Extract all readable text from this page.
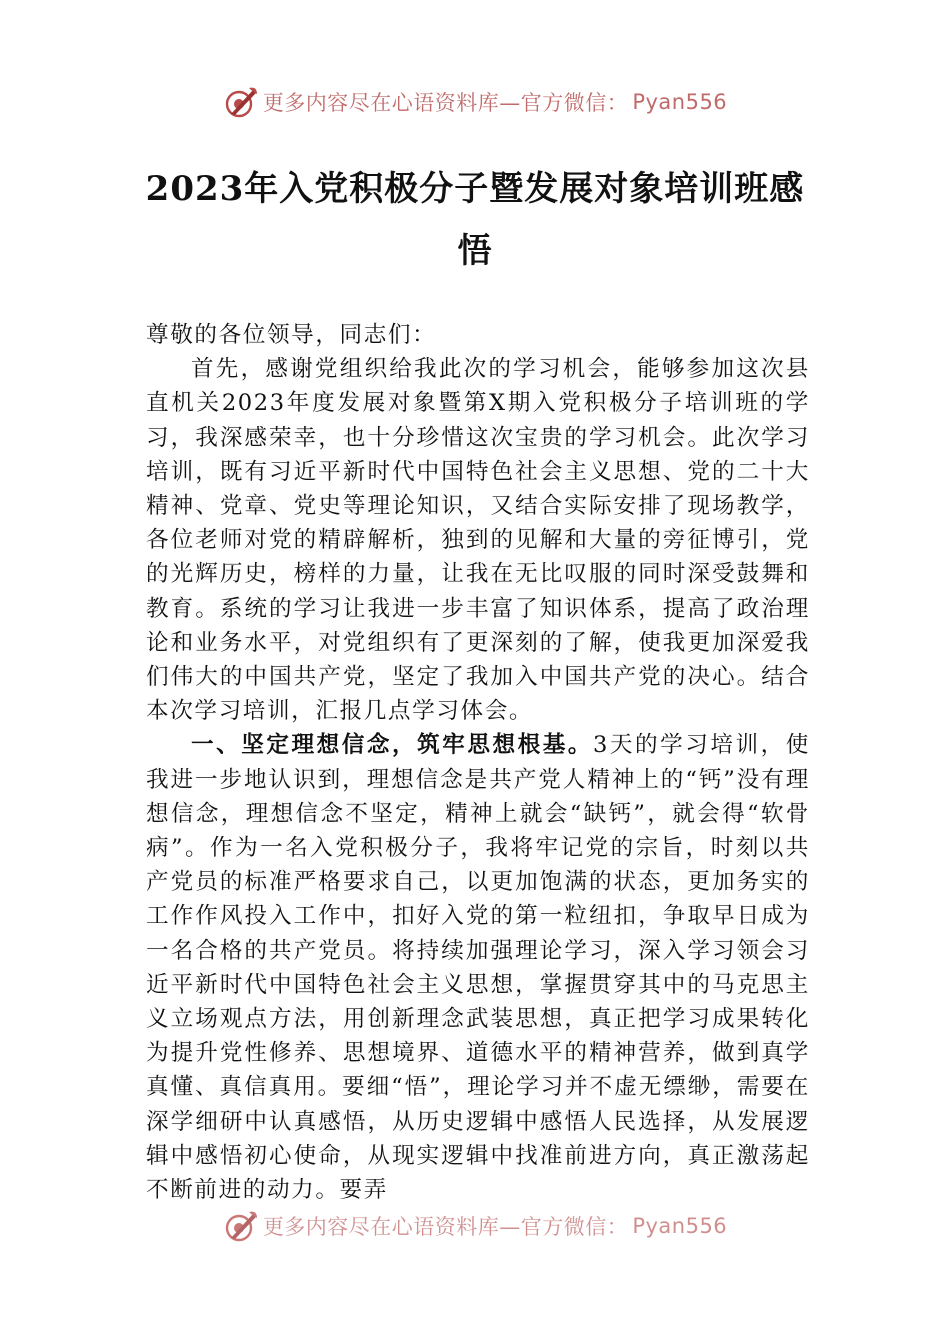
更多内容尽在心语资料库—官方微信： Pyan556
2023年入党积极分子暨发展对象培训班感悟

尊敬的各位领导，同志们：

首先，感谢党组织给我此次的学习机会，能够参加这次县直机关2023年度发展对象暨第X期入党积极分子培训班的学习，我深感荣幸，也十分珍惜这次宝贵的学习机会。此次学习培训，既有习近平新时代中国特色社会主义思想、党的二十大精神、党章、党史等理论知识，又结合实际安排了现场教学，各位老师对党的精辟解析，独到的见解和大量的旁征博引，党的光辉历史，榜样的力量，让我在无比叹服的同时深受鼓舞和教育。系统的学习让我进一步丰富了知识体系，提高了政治理论和业务水平，对党组织有了更深刻的了解，使我更加深爱我们伟大的中国共产党，坚定了我加入中国共产党的决心。结合本次学习培训，汇报几点学习体会。

一、坚定理想信念，筑牢思想根基。3天的学习培训，使我进一步地认识到，理想信念是共产党人精神上的“钙”没有理想信念，理想信念不坚定，精神上就会“缺钙”，就会得“软骨病”。作为一名入党积极分子，我将牢记党的宗旨，时刻以共产党员的标准严格要求自己，以更加饱满的状态，更加务实的工作作风投入工作中，扣好入党的第一粒纽扣，争取早日成为一名合格的共产党员。将持续加强理论学习，深入学习领会习近平新时代中国特色社会主义思想，掌握贯穿其中的马克思主义立场观点方法，用创新理念武装思想，真正把学习成果转化为提升党性修养、思想境界、道德水平的精神营养，做到真学真懂、真信真用。要细“悟”，理论学习并不虚无缥缈，需要在深学细研中认真感悟，从历史逻辑中感悟人民选择，从发展逻辑中感悟初心使命，从现实逻辑中找准前进方向，真正激荡起不断前进的动力。要弄

更多内容尽在心语资料库—官方微信： Pyan556
